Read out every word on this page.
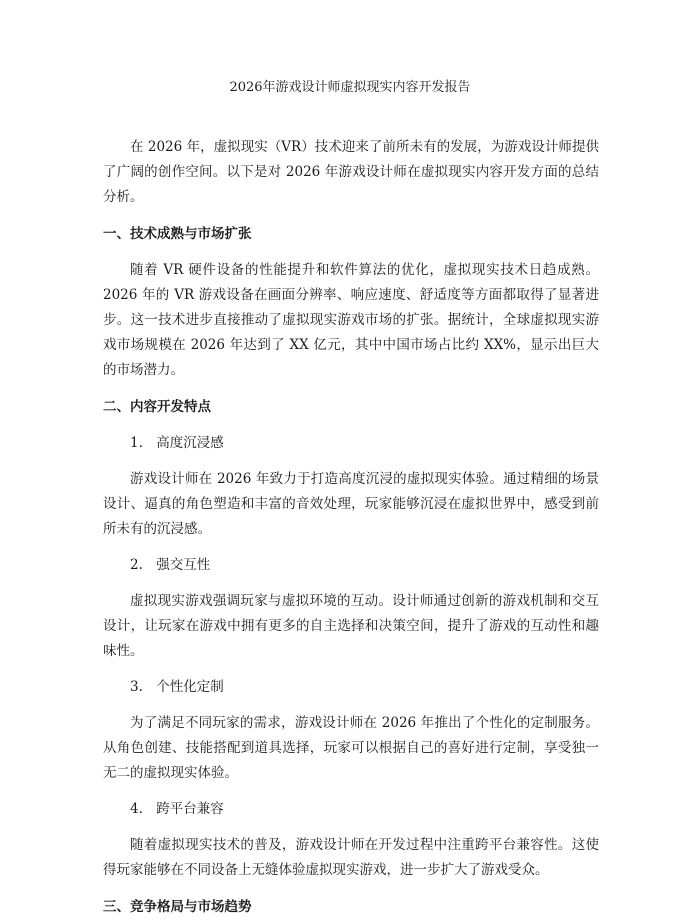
2026年游戏设计师虚拟现实内容开发报告

在 2026 年，虚拟现实（VR）技术迎来了前所未有的发展，为游戏设计师提供了广阔的创作空间。以下是对 2026 年游戏设计师在虚拟现实内容开发方面的总结分析。

一、技术成熟与市场扩张

随着 VR 硬件设备的性能提升和软件算法的优化，虚拟现实技术日趋成熟。2026 年的 VR 游戏设备在画面分辨率、响应速度、舒适度等方面都取得了显著进步。这一技术进步直接推动了虚拟现实游戏市场的扩张。据统计，全球虚拟现实游戏市场规模在 2026 年达到了 XX 亿元，其中中国市场占比约 XX%，显示出巨大的市场潜力。

二、内容开发特点
1. 高度沉浸感

游戏设计师在 2026 年致力于打造高度沉浸的虚拟现实体验。通过精细的场景设计、逼真的角色塑造和丰富的音效处理，玩家能够沉浸在虚拟世界中，感受到前所未有的沉浸感。

2. 强交互性

虚拟现实游戏强调玩家与虚拟环境的互动。设计师通过创新的游戏机制和交互设计，让玩家在游戏中拥有更多的自主选择和决策空间，提升了游戏的互动性和趣味性。

3. 个性化定制

为了满足不同玩家的需求，游戏设计师在 2026 年推出了个性化的定制服务。从角色创建、技能搭配到道具选择，玩家可以根据自己的喜好进行定制，享受独一无二的虚拟现实体验。

4. 跨平台兼容

随着虚拟现实技术的普及，游戏设计师在开发过程中注重跨平台兼容性。这使得玩家能够在不同设备上无缝体验虚拟现实游戏，进一步扩大了游戏受众。

三、竞争格局与市场趋势
